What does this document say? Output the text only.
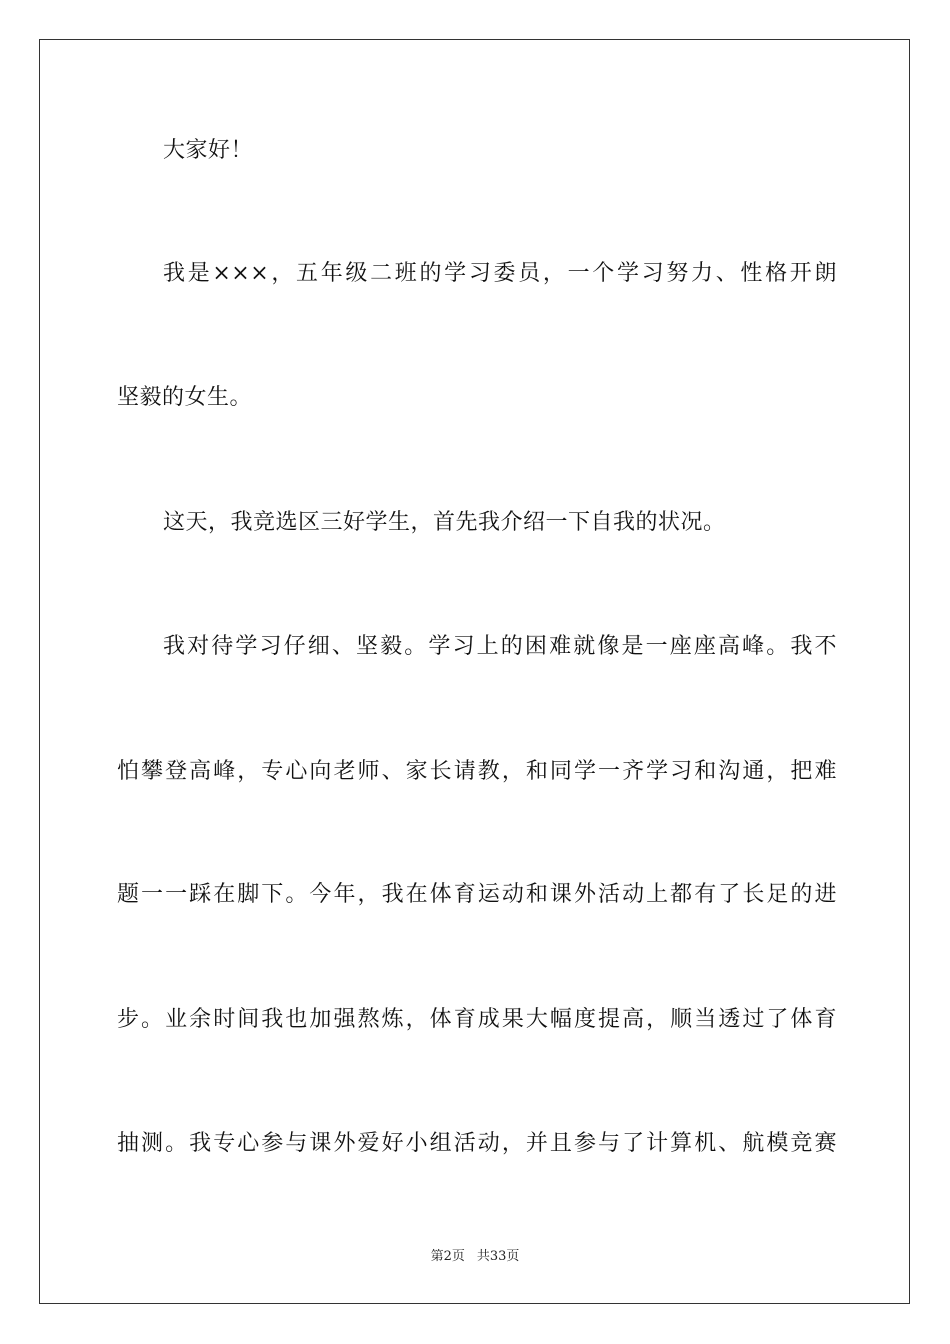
大家好！
我是×××，五年级二班的学习委员，一个学习努力、性格开朗
坚毅的女生。
这天，我竞选区三好学生，首先我介绍一下自我的状况。
我对待学习仔细、坚毅。学习上的困难就像是一座座高峰。我不
怕攀登高峰，专心向老师、家长请教，和同学一齐学习和沟通，把难
题一一踩在脚下。今年，我在体育运动和课外活动上都有了长足的进
步。业余时间我也加强熬炼，体育成果大幅度提高，顺当透过了体育
抽测。我专心参与课外爱好小组活动，并且参与了计算机、航模竞赛
第2页 共33页
